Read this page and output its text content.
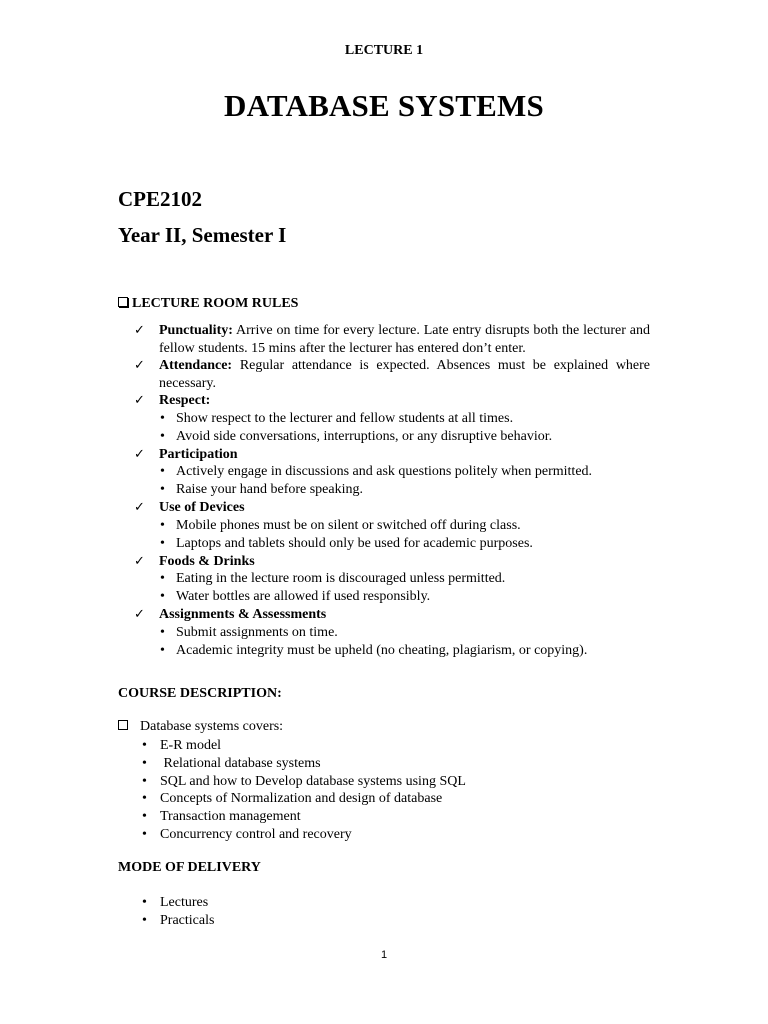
LECTURE 1
DATABASE SYSTEMS
CPE2102
Year II, Semester I
LECTURE ROOM RULES
✓ Punctuality: Arrive on time for every lecture. Late entry disrupts both the lecturer and fellow students. 15 mins after the lecturer has entered don’t enter.
✓ Attendance: Regular attendance is expected. Absences must be explained where necessary.
✓ Respect:
• Show respect to the lecturer and fellow students at all times.
• Avoid side conversations, interruptions, or any disruptive behavior.
✓ Participation
• Actively engage in discussions and ask questions politely when permitted.
• Raise your hand before speaking.
✓ Use of Devices
• Mobile phones must be on silent or switched off during class.
• Laptops and tablets should only be used for academic purposes.
✓ Foods & Drinks
• Eating in the lecture room is discouraged unless permitted.
• Water bottles are allowed if used responsibly.
✓ Assignments & Assessments
• Submit assignments on time.
• Academic integrity must be upheld (no cheating, plagiarism, or copying).
COURSE DESCRIPTION:
Database systems covers:
• E-R model
• Relational database systems
• SQL and how to Develop database systems using SQL
• Concepts of Normalization and design of database
• Transaction management
• Concurrency control and recovery
MODE OF DELIVERY
• Lectures
• Practicals
1
